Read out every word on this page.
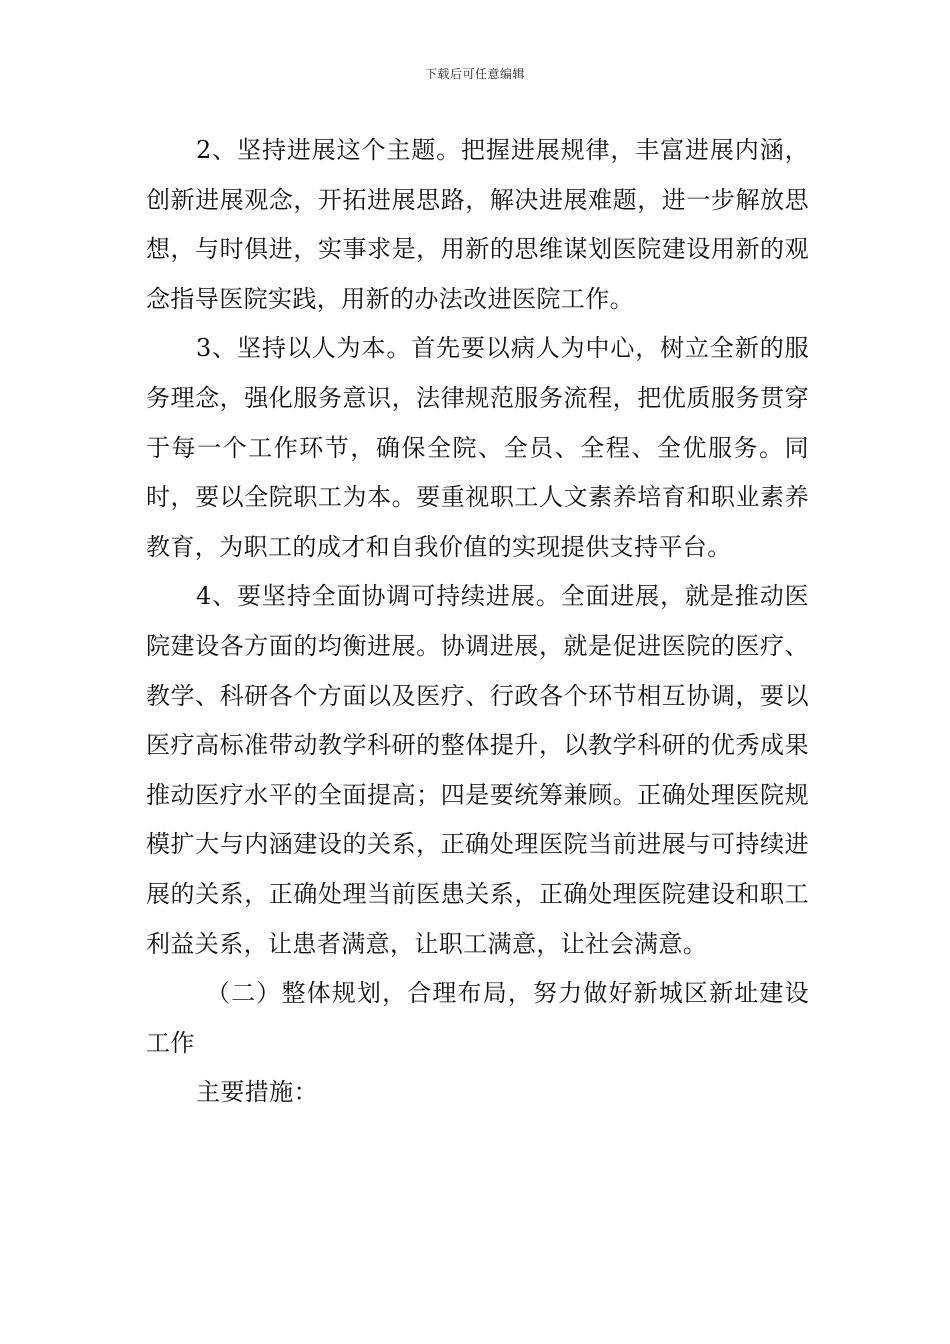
下载后可任意编辑

2、坚持进展这个主题。把握进展规律，丰富进展内涵，创新进展观念，开拓进展思路，解决进展难题，进一步解放思想，与时俱进，实事求是，用新的思维谋划医院建设用新的观念指导医院实践，用新的办法改进医院工作。

3、坚持以人为本。首先要以病人为中心，树立全新的服务理念，强化服务意识，法律规范服务流程，把优质服务贯穿于每一个工作环节，确保全院、全员、全程、全优服务。同时，要以全院职工为本。要重视职工人文素养培育和职业素养教育，为职工的成才和自我价值的实现提供支持平台。

4、要坚持全面协调可持续进展。全面进展，就是推动医院建设各方面的均衡进展。协调进展，就是促进医院的医疗、教学、科研各个方面以及医疗、行政各个环节相互协调，要以医疗高标准带动教学科研的整体提升，以教学科研的优秀成果推动医疗水平的全面提高；四是要统筹兼顾。正确处理医院规模扩大与内涵建设的关系，正确处理医院当前进展与可持续进展的关系，正确处理当前医患关系，正确处理医院建设和职工利益关系，让患者满意，让职工满意，让社会满意。

（二）整体规划，合理布局，努力做好新城区新址建设工作

主要措施：
